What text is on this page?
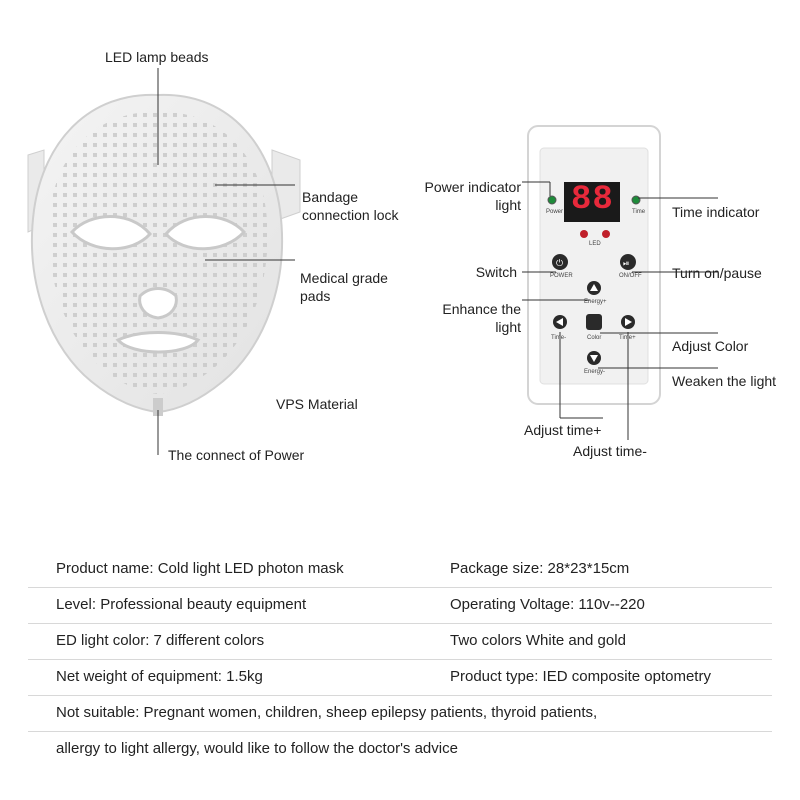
LED lamp beads
Bandage
connection lock
Medical grade
pads
VPS Material
The connect of Power
⏻	⏯
88
Power	Time
LED
POWER	ON/OFF
Energy+
Time-	Color	Time+
Energy-
Power indicator
light	Time indicator
Switch	Turn on/pause
Enhance the
light
Adjust Color
Weaken the light
Adjust time+
Adjust time-
Product name: Cold light LED photon mask	Package size: 28*23*15cm
Level: Professional beauty equipment	Operating Voltage: 110v--220
ED light color: 7 different colors	Two colors White and gold
Net weight of equipment: 1.5kg	Product type: IED composite optometry
Not suitable: Pregnant women, children, sheep epilepsy patients, thyroid patients,
allergy to light allergy, would like to follow the doctor's advice
